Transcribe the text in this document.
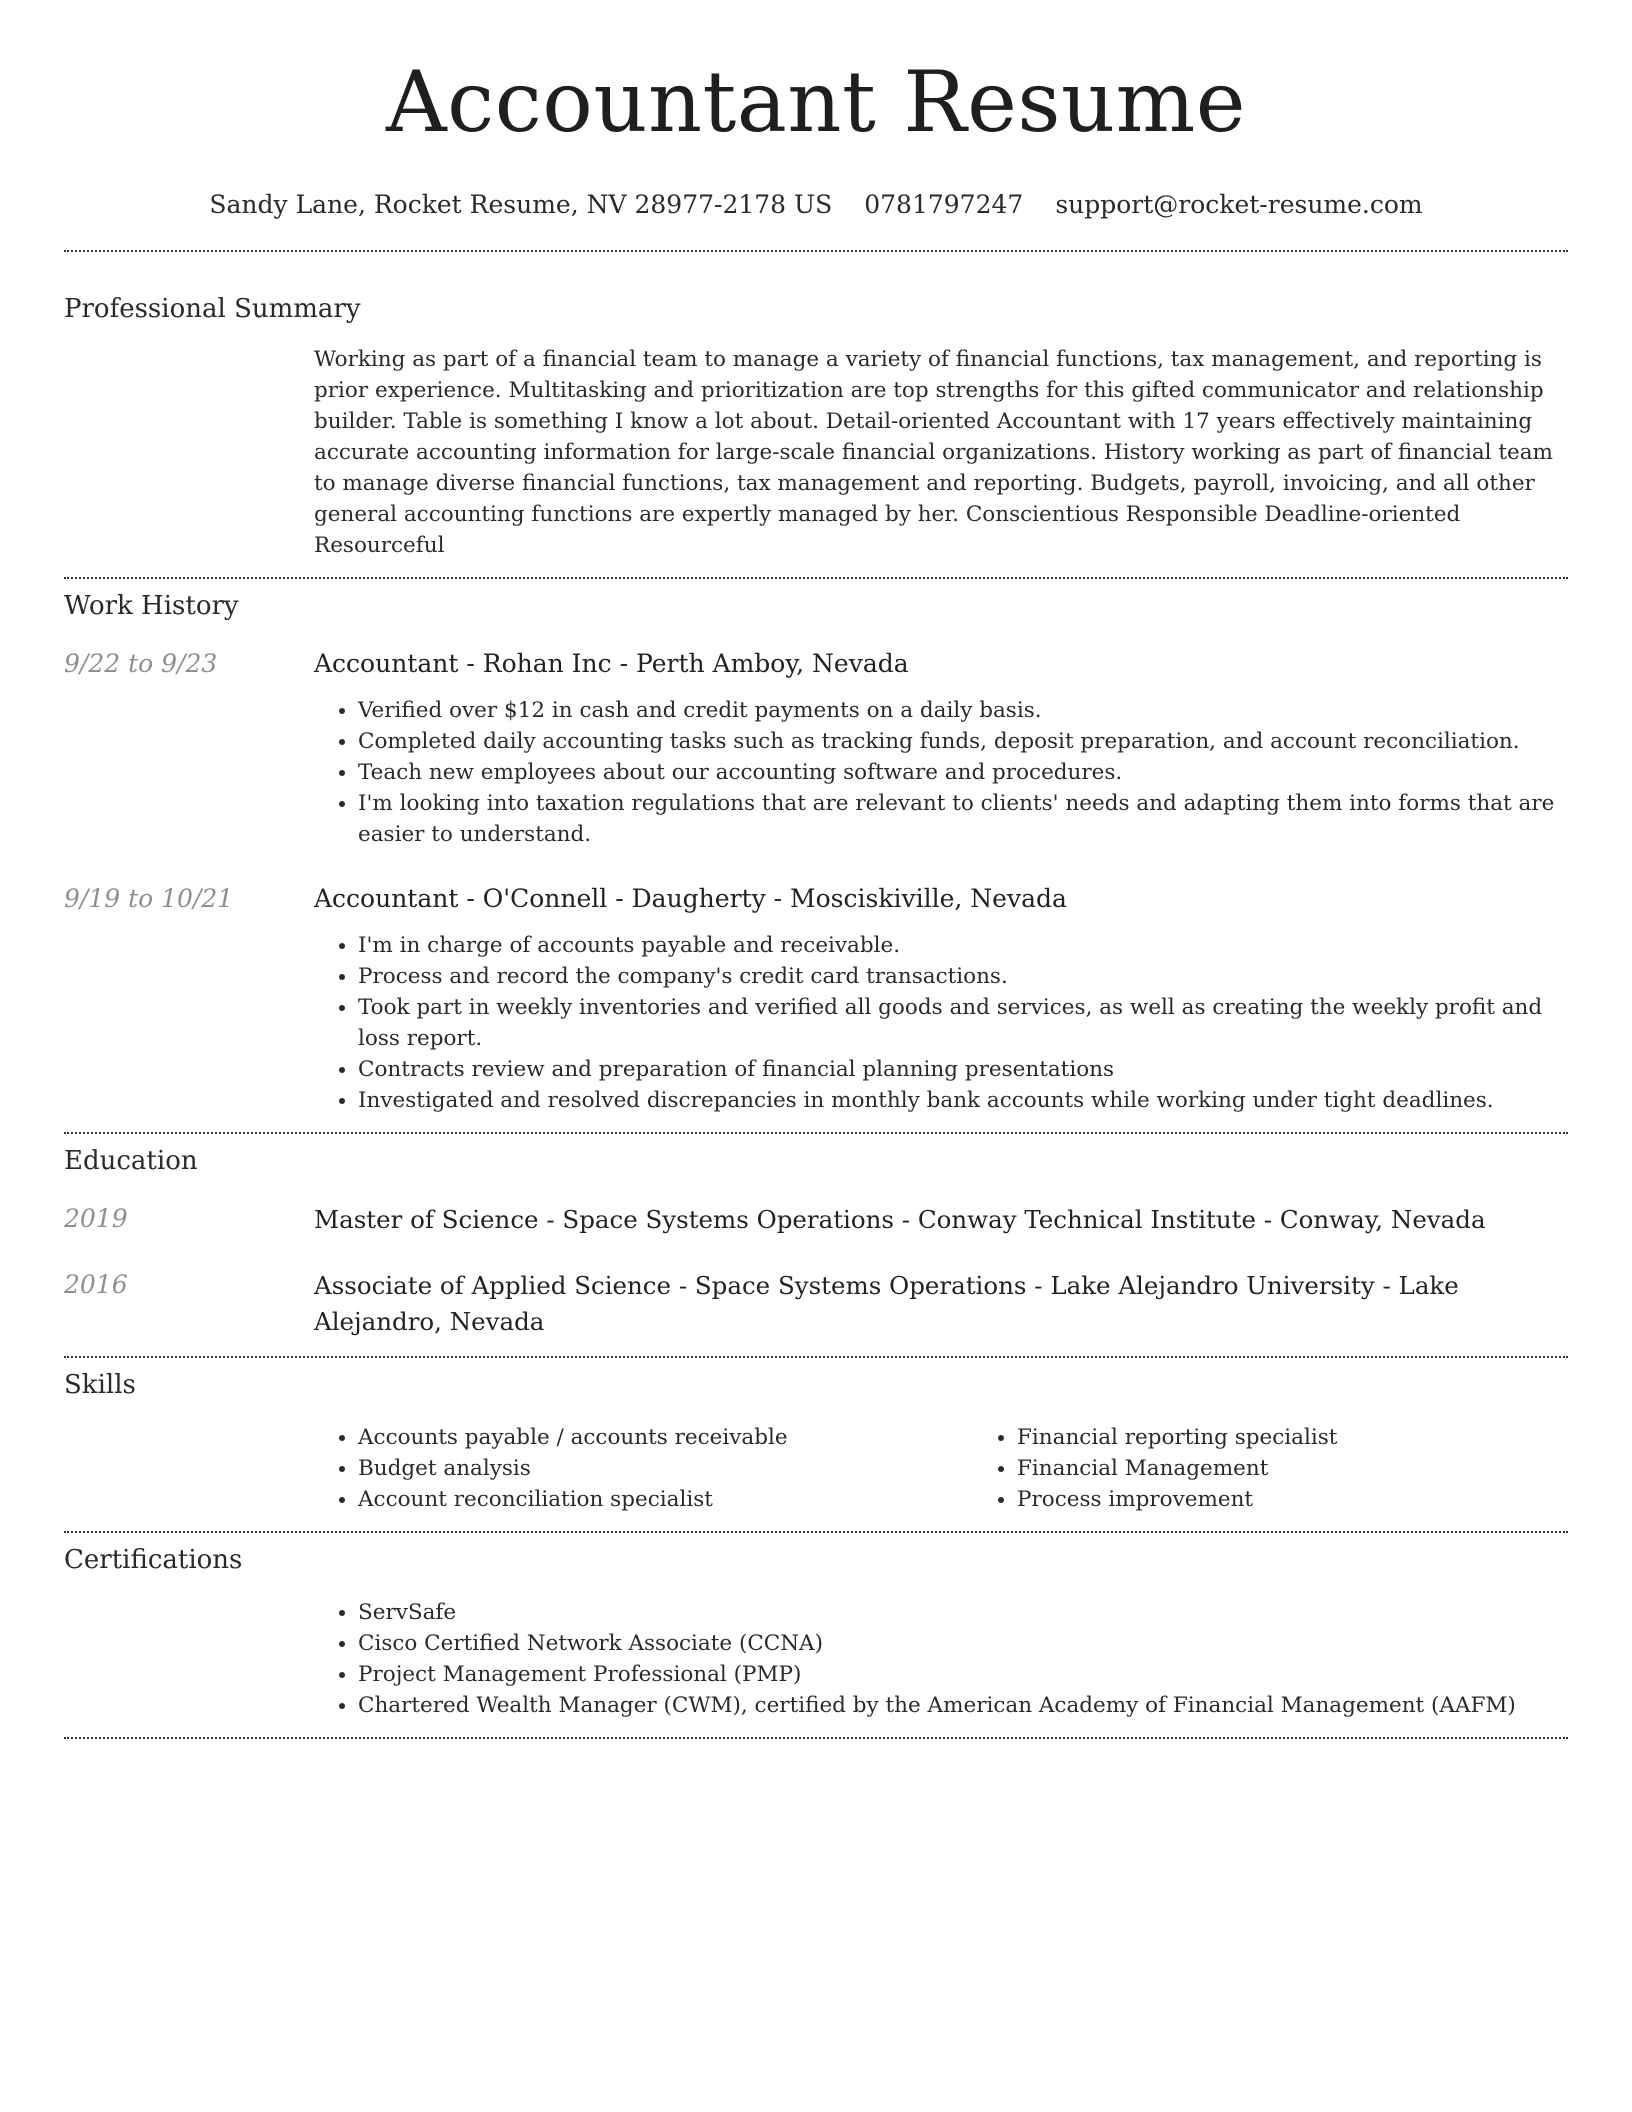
Accountant Resume
Sandy Lane, Rocket Resume, NV 28977-2178 US 0781797247 support@rocket-resume.com
Professional Summary
Working as part of a financial team to manage a variety of financial functions, tax management, and reporting is prior experience. Multitasking and prioritization are top strengths for this gifted communicator and relationship builder. Table is something I know a lot about. Detail-oriented Accountant with 17 years effectively maintaining accurate accounting information for large-scale financial organizations. History working as part of financial team to manage diverse financial functions, tax management and reporting. Budgets, payroll, invoicing, and all other general accounting functions are expertly managed by her. Conscientious Responsible Deadline-oriented Resourceful
Work History
9/22 to 9/23	Accountant - Rohan Inc - Perth Amboy, Nevada
• Verified over $12 in cash and credit payments on a daily basis.
• Completed daily accounting tasks such as tracking funds, deposit preparation, and account reconciliation.
• Teach new employees about our accounting software and procedures.
• I'm looking into taxation regulations that are relevant to clients' needs and adapting them into forms that are easier to understand.
9/19 to 10/21	Accountant - O'Connell - Daugherty - Mosciskiville, Nevada
• I'm in charge of accounts payable and receivable.
• Process and record the company's credit card transactions.
• Took part in weekly inventories and verified all goods and services, as well as creating the weekly profit and loss report.
• Contracts review and preparation of financial planning presentations
• Investigated and resolved discrepancies in monthly bank accounts while working under tight deadlines.
Education
2019	Master of Science - Space Systems Operations - Conway Technical Institute - Conway, Nevada
2016	Associate of Applied Science - Space Systems Operations - Lake Alejandro University - Lake Alejandro, Nevada
Skills
• Accounts payable / accounts receivable
• Budget analysis
• Account reconciliation specialist
• Financial reporting specialist
• Financial Management
• Process improvement
Certifications
• ServSafe
• Cisco Certified Network Associate (CCNA)
• Project Management Professional (PMP)
• Chartered Wealth Manager (CWM), certified by the American Academy of Financial Management (AAFM)
